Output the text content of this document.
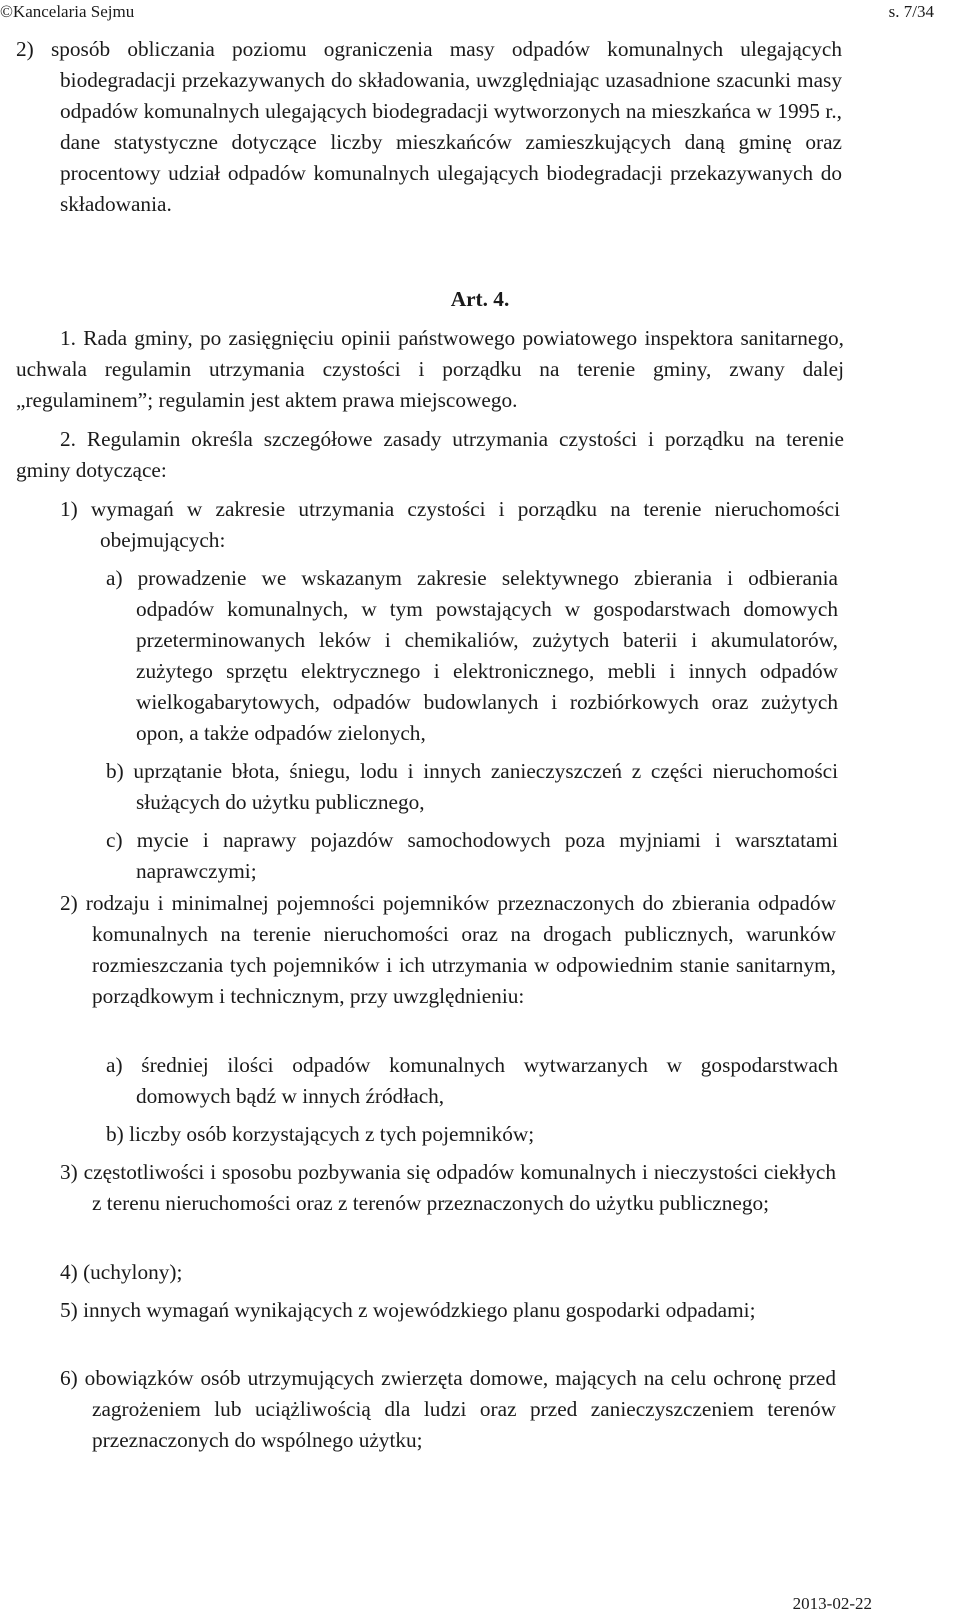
©Kancelaria Sejmu	s. 7/34

2) sposób obliczania poziomu ograniczenia masy odpadów komunalnych ulegających biodegradacji przekazywanych do składowania, uwzględniając uzasadnione szacunki masy odpadów komunalnych ulegających biodegradacji wytworzonych na mieszkańca w 1995 r., dane statystyczne dotyczące liczby mieszkańców zamieszkujących daną gminę oraz procentowy udział odpadów komunalnych ulegających biodegradacji przekazywanych do składowania.

Art. 4.

1. Rada gminy, po zasięgnięciu opinii państwowego powiatowego inspektora sanitarnego, uchwala regulamin utrzymania czystości i porządku na terenie gminy, zwany dalej „regulaminem”; regulamin jest aktem prawa miejscowego.

2. Regulamin określa szczegółowe zasady utrzymania czystości i porządku na terenie gminy dotyczące:

1) wymagań w zakresie utrzymania czystości i porządku na terenie nieruchomości obejmujących:

a) prowadzenie we wskazanym zakresie selektywnego zbierania i odbierania odpadów komunalnych, w tym powstających w gospodarstwach domowych przeterminowanych leków i chemikaliów, zużytych baterii i akumulatorów, zużytego sprzętu elektrycznego i elektronicznego, mebli i innych odpadów wielkogabarytowych, odpadów budowlanych i rozbiórkowych oraz zużytych opon, a także odpadów zielonych,

b) uprzątanie błota, śniegu, lodu i innych zanieczyszczeń z części nieruchomości służących do użytku publicznego,

c) mycie i naprawy pojazdów samochodowych poza myjniami i warsztatami naprawczymi;

2) rodzaju i minimalnej pojemności pojemników przeznaczonych do zbierania odpadów komunalnych na terenie nieruchomości oraz na drogach publicznych, warunków rozmieszczania tych pojemników i ich utrzymania w odpowiednim stanie sanitarnym, porządkowym i technicznym, przy uwzględnieniu:

a) średniej ilości odpadów komunalnych wytwarzanych w gospodarstwach domowych bądź w innych źródłach,

b) liczby osób korzystających z tych pojemników;

3) częstotliwości i sposobu pozbywania się odpadów komunalnych i nieczystości ciekłych z terenu nieruchomości oraz z terenów przeznaczonych do użytku publicznego;

4) (uchylony);

5) innych wymagań wynikających z wojewódzkiego planu gospodarki odpadami;

6) obowiązków osób utrzymujących zwierzęta domowe, mających na celu ochronę przed zagrożeniem lub uciążliwością dla ludzi oraz przed zanieczyszczeniem terenów przeznaczonych do wspólnego użytku;

2013-02-22
